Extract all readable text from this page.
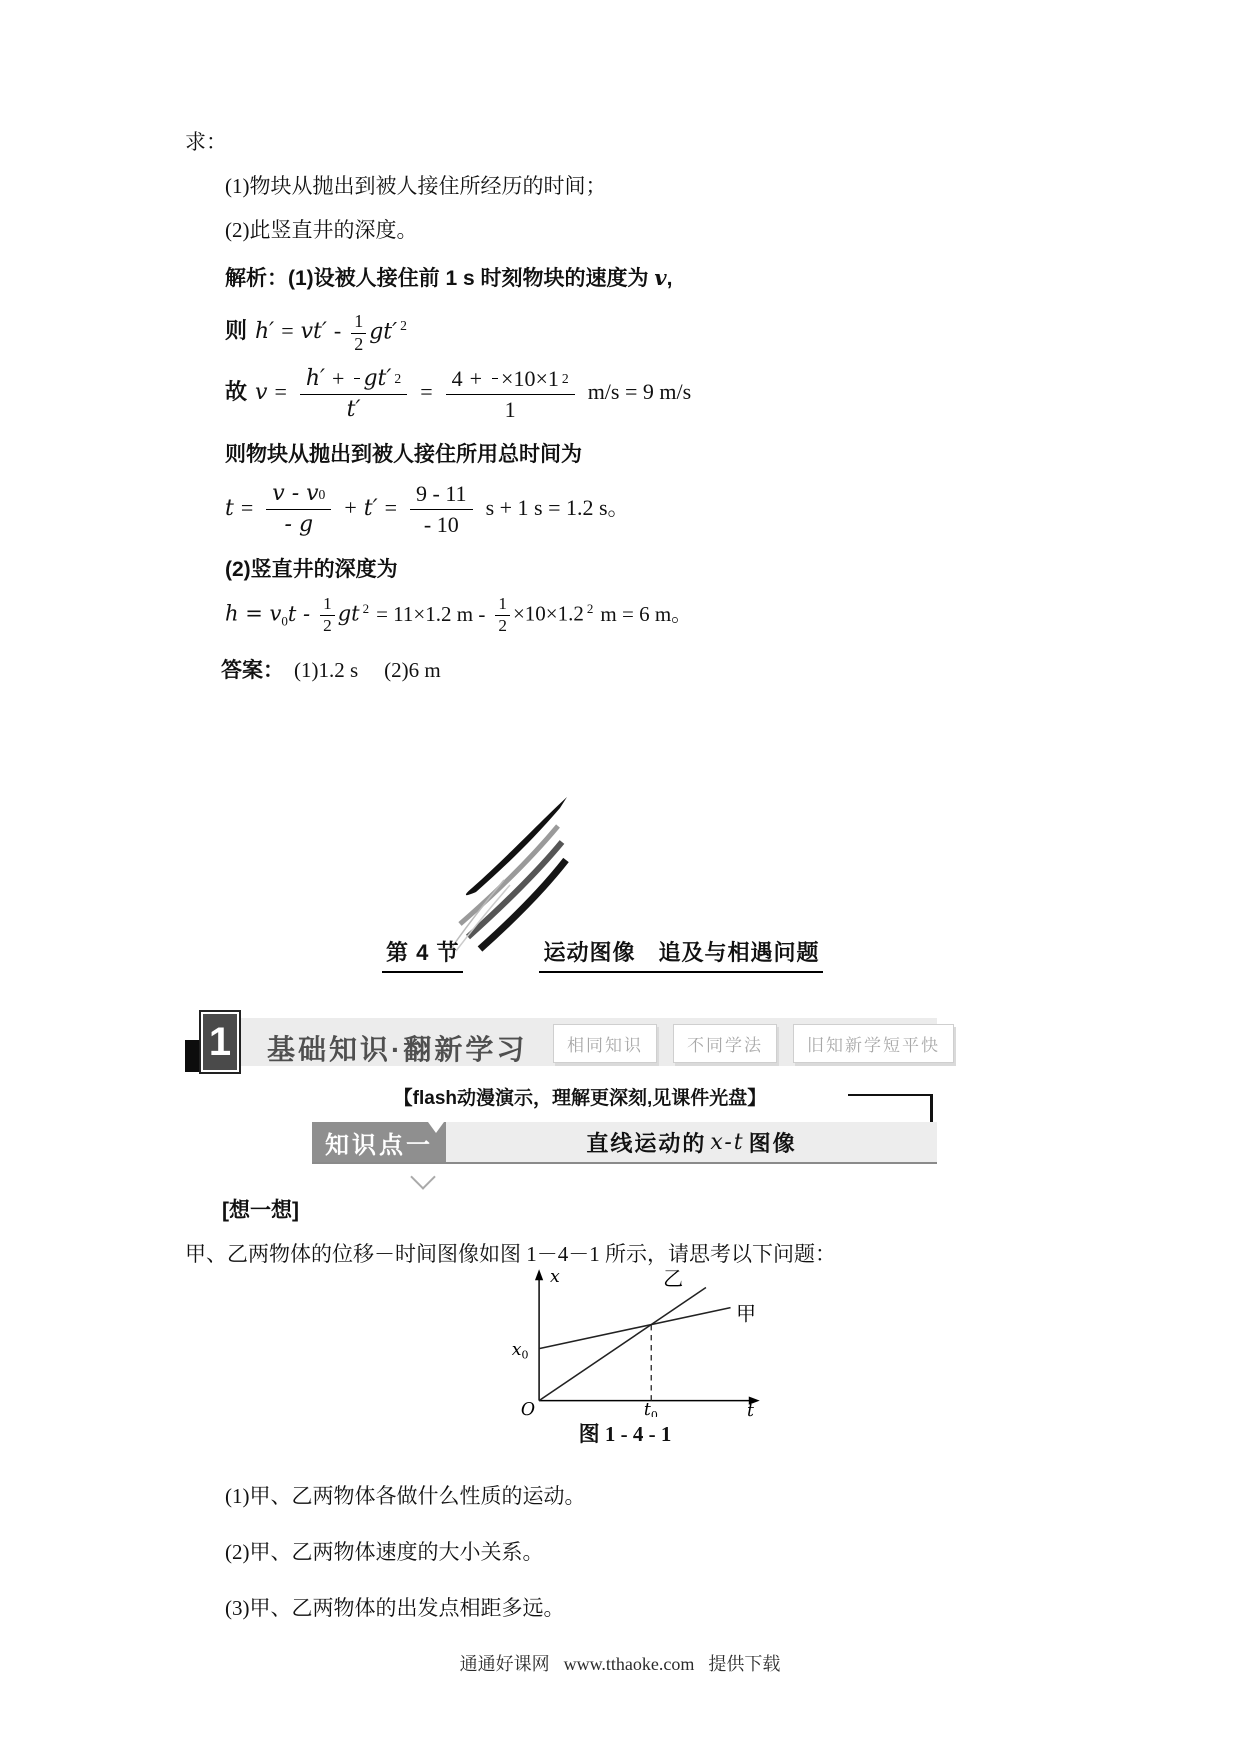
求：

(1)物块从抛出到被人接住所经历的时间；

(2)此竖直井的深度。

解析：(1)设被人接住前 1 s 时刻物块的速度为 v,

则 $h' = vt' - \frac{1}{2} gt'$ $^2$
故 $v = \frac{h' + gt' 2}{t'} = \frac{4 + \times 10\times 1 2}{1} m/s = 9$ m/s

则物块从抛出到被人接住所用总时间为

$t = \frac{v - v 0}{- g} + t' = \frac{9 - 11}{- 10}$ s + 1 s = 1.2 s。

(2)竖直井的深度为

$h = v_0t - \frac{1}{2}$ gt $^2$ = 11×1.2 $m - \frac{1}{2} \times 10\times 1.2$ $^2$ m = 6 m。

答案： (1)1.2 s (2)6 m

第 4 节	运动图像　追及与相遇问题
1 基础知识·翻新学习	相同知识	不同学法	旧知新学短平快
【flash动漫演示，理解更深刻,见课件光盘】
知识点一	直线运动的 x-t 图像
[想一想]
甲、乙两物体的位移－时间图像如图 1－4－1 所示，请思考以下问题：
x
t
O
$x_0$
$t_0$
乙
甲
图 1 - 4 - 1
(1)甲、乙两物体各做什么性质的运动。
(2)甲、乙两物体速度的大小关系。
(3)甲、乙两物体的出发点相距多远。
通通好课网 www.tthaoke.com 提供下载
